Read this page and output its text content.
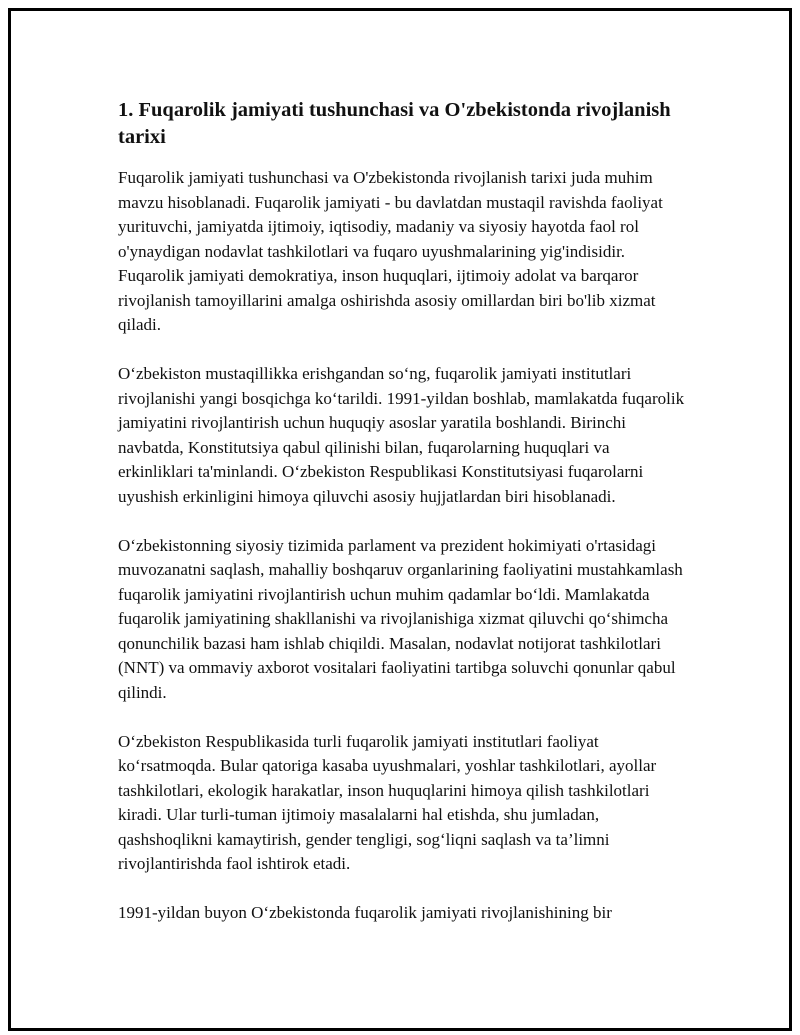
1. Fuqarolik jamiyati tushunchasi va O'zbekistonda rivojlanish tarixi

Fuqarolik jamiyati tushunchasi va O'zbekistonda rivojlanish tarixi juda muhim mavzu hisoblanadi. Fuqarolik jamiyati - bu davlatdan mustaqil ravishda faoliyat yurituvchi, jamiyatda ijtimoiy, iqtisodiy, madaniy va siyosiy hayotda faol rol o'ynaydigan nodavlat tashkilotlari va fuqaro uyushmalarining yig'indisidir. Fuqarolik jamiyati demokratiya, inson huquqlari, ijtimoiy adolat va barqaror rivojlanish tamoyillarini amalga oshirishda asosiy omillardan biri bo'lib xizmat qiladi.

O‘zbekiston mustaqillikka erishgandan so‘ng, fuqarolik jamiyati institutlari rivojlanishi yangi bosqichga ko‘tarildi. 1991-yildan boshlab, mamlakatda fuqarolik jamiyatini rivojlantirish uchun huquqiy asoslar yaratila boshlandi. Birinchi navbatda, Konstitutsiya qabul qilinishi bilan, fuqarolarning huquqlari va erkinliklari ta'minlandi. O‘zbekiston Respublikasi Konstitutsiyasi fuqarolarni uyushish erkinligini himoya qiluvchi asosiy hujjatlardan biri hisoblanadi.

O‘zbekistonning siyosiy tizimida parlament va prezident hokimiyati o'rtasidagi muvozanatni saqlash, mahalliy boshqaruv organlarining faoliyatini mustahkamlash fuqarolik jamiyatini rivojlantirish uchun muhim qadamlar bo‘ldi. Mamlakatda fuqarolik jamiyatining shakllanishi va rivojlanishiga xizmat qiluvchi qo‘shimcha qonunchilik bazasi ham ishlab chiqildi. Masalan, nodavlat notijorat tashkilotlari (NNT) va ommaviy axborot vositalari faoliyatini tartibga soluvchi qonunlar qabul qilindi.

O‘zbekiston Respublikasida turli fuqarolik jamiyati institutlari faoliyat ko‘rsatmoqda. Bular qatoriga kasaba uyushmalari, yoshlar tashkilotlari, ayollar tashkilotlari, ekologik harakatlar, inson huquqlarini himoya qilish tashkilotlari kiradi. Ular turli-tuman ijtimoiy masalalarni hal etishda, shu jumladan, qashshoqlikni kamaytirish, gender tengligi, sog‘liqni saqlash va ta’limni rivojlantirishda faol ishtirok etadi.

1991-yildan buyon O‘zbekistonda fuqarolik jamiyati rivojlanishining bir
